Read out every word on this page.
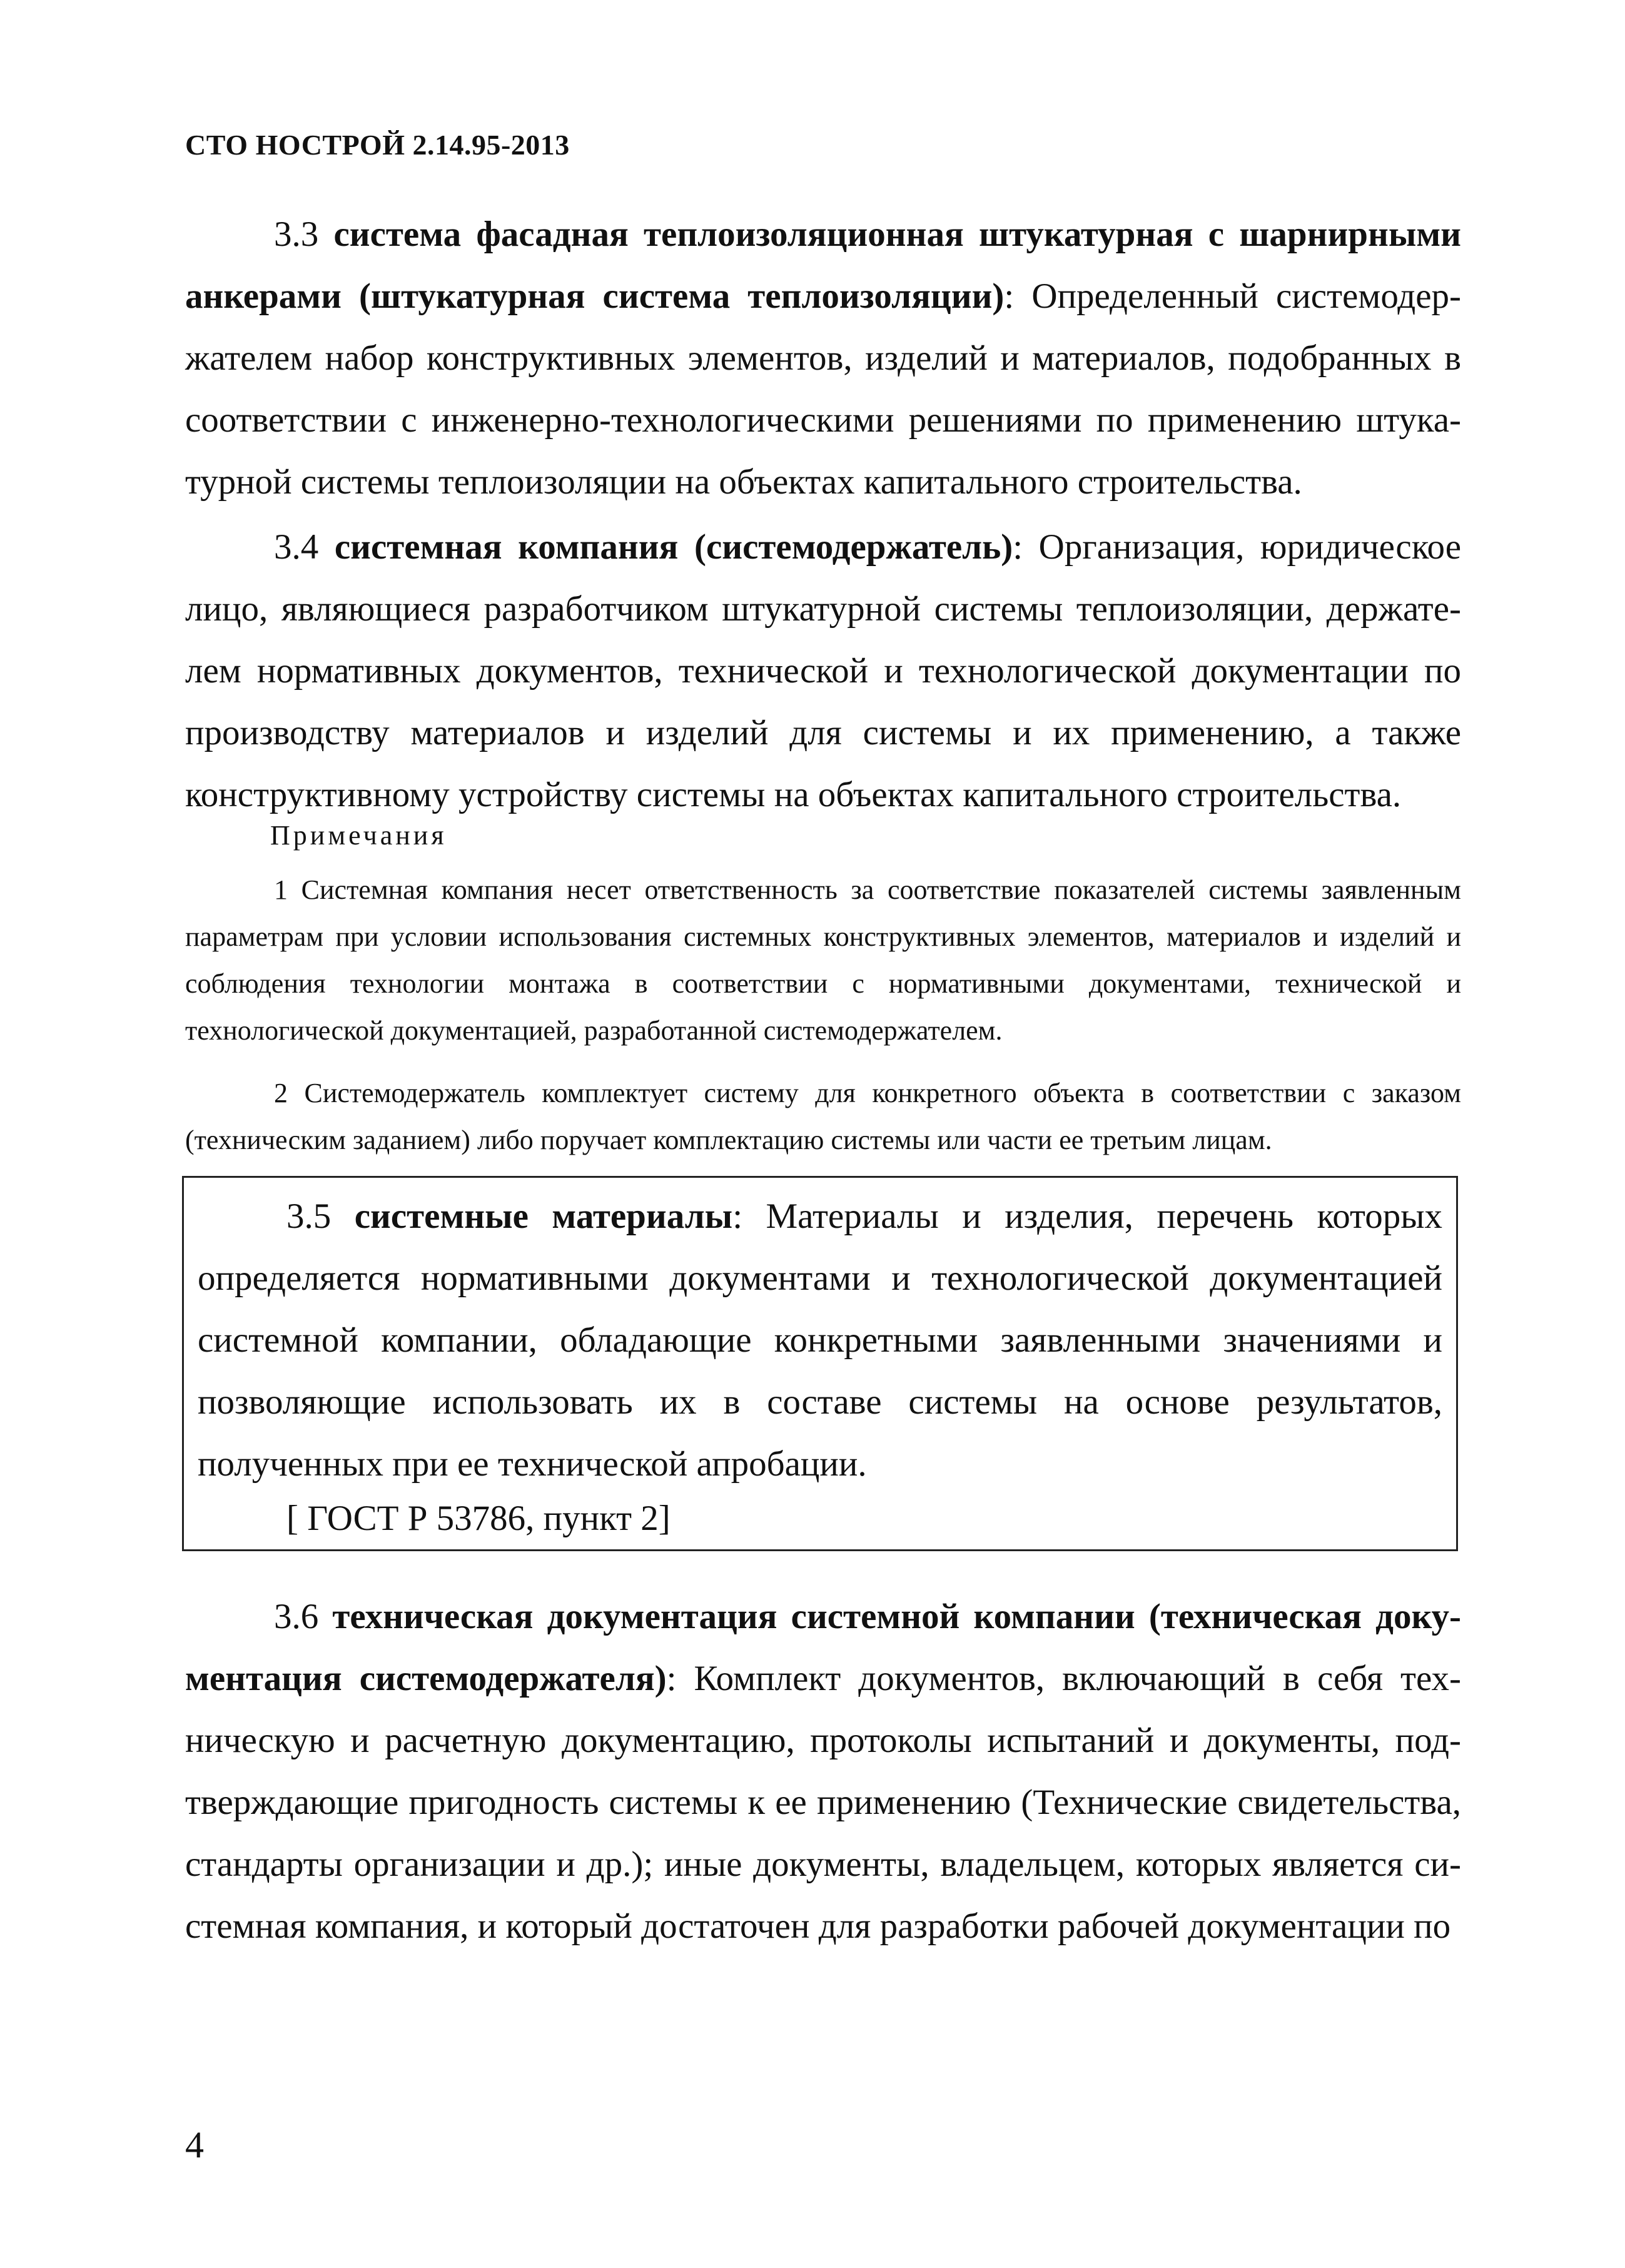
СТО НОСТРОЙ 2.14.95-2013

3.3 система фасадная теплоизоляционная штукатурная с шарнирными анкерами (штукатурная система теплоизоляции): Определенный системодержателем набор конструктивных элементов, изделий и материалов, подобранных в соответствии с инженерно-технологическими решениями по применению штукатурной системы теплоизоляции на объектах капитального строительства.

3.4 системная компания (системодержатель): Организация, юридическое лицо, являющиеся разработчиком штукатурной системы теплоизоляции, держателем нормативных документов, технической и технологической документации по производству материалов и изделий для системы и их применению, а также конструктивному устройству системы на объектах капитального строительства.

Примечания

1 Системная компания несет ответственность за соответствие показателей системы заявленным параметрам при условии использования системных конструктивных элементов, материалов и изделий и соблюдения технологии монтажа в соответствии с нормативными документами, технической и технологической документацией, разработанной системодержателем.

2 Системодержатель комплектует систему для конкретного объекта в соответствии с заказом (техническим заданием) либо поручает комплектацию системы или части ее третьим лицам.

3.5 системные материалы: Материалы и изделия, перечень которых определяется нормативными документами и технологической документацией системной компании, обладающие конкретными заявленными значениями и позволяющие использовать их в составе системы на основе результатов, полученных при ее технической апробации.

[ ГОСТ Р 53786, пункт 2]

3.6 техническая документация системной компании (техническая документация системодержателя): Комплект документов, включающий в себя техническую и расчетную документацию, протоколы испытаний и документы, подтверждающие пригодность системы к ее применению (Технические свидетельства, стандарты организации и др.); иные документы, владельцем, которых является системная компания, и который достаточен для разработки рабочей документации по

4
